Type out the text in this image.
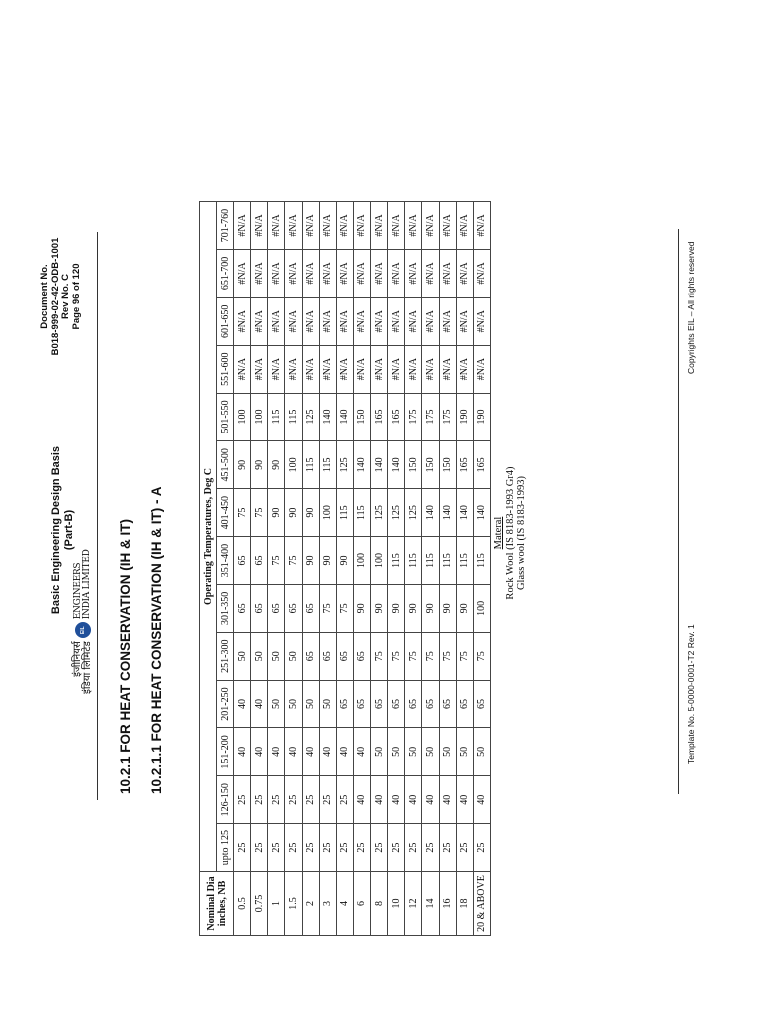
इंजीनियर्स इंडिया लिमिटेड
EIL
ENGINEERS INDIA LIMITED
Basic Engineering Design Basis (Part-B)
Document No. B018-999-02-42-ODB-1001 Rev No. C Page 96 of 120
10.2.1 FOR HEAT CONSERVATION (IH & IT) 10.2.1.1 FOR HEAT CONSERVATION (IH & IT) - A
Nominal Dia inches, NB	Operating Temperatures, Deg C													
	upto 125	126-150	151-200	201-250	251-300	301-350	351-400	401-450	451-500	501-550	551-600	601-650	651-700	701-760
0.5	25	25	40	40	50	65	65	75	90	100	#N/A	#N/A	#N/A	#N/A
0.75	25	25	40	40	50	65	65	75	90	100	#N/A	#N/A	#N/A	#N/A
1	25	25	40	50	50	65	75	90	90	115	#N/A	#N/A	#N/A	#N/A
1.5	25	25	40	50	50	65	75	90	100	115	#N/A	#N/A	#N/A	#N/A
2	25	25	40	50	65	65	90	90	115	125	#N/A	#N/A	#N/A	#N/A
3	25	25	40	50	65	75	90	100	115	140	#N/A	#N/A	#N/A	#N/A
4	25	25	40	65	65	75	90	115	125	140	#N/A	#N/A	#N/A	#N/A
6	25	40	40	65	65	90	100	115	140	150	#N/A	#N/A	#N/A	#N/A
8	25	40	50	65	75	90	100	125	140	165	#N/A	#N/A	#N/A	#N/A
10	25	40	50	65	75	90	115	125	140	165	#N/A	#N/A	#N/A	#N/A
12	25	40	50	65	75	90	115	125	150	175	#N/A	#N/A	#N/A	#N/A
14	25	40	50	65	75	90	115	140	150	175	#N/A	#N/A	#N/A	#N/A
16	25	40	50	65	75	90	115	140	150	175	#N/A	#N/A	#N/A	#N/A
18	25	40	50	65	75	90	115	140	165	190	#N/A	#N/A	#N/A	#N/A
20 & ABOVE	25	40	50	65	75	100	115	140	165	190	#N/A	#N/A	#N/A	#N/A
Materal Rock Wool (IS 8183-1993 Gr4) Glass wool (IS 8183-1993)
Template No. 5-0000-0001-T2 Rev. 1
Copyrights EIL – All rights reserved
